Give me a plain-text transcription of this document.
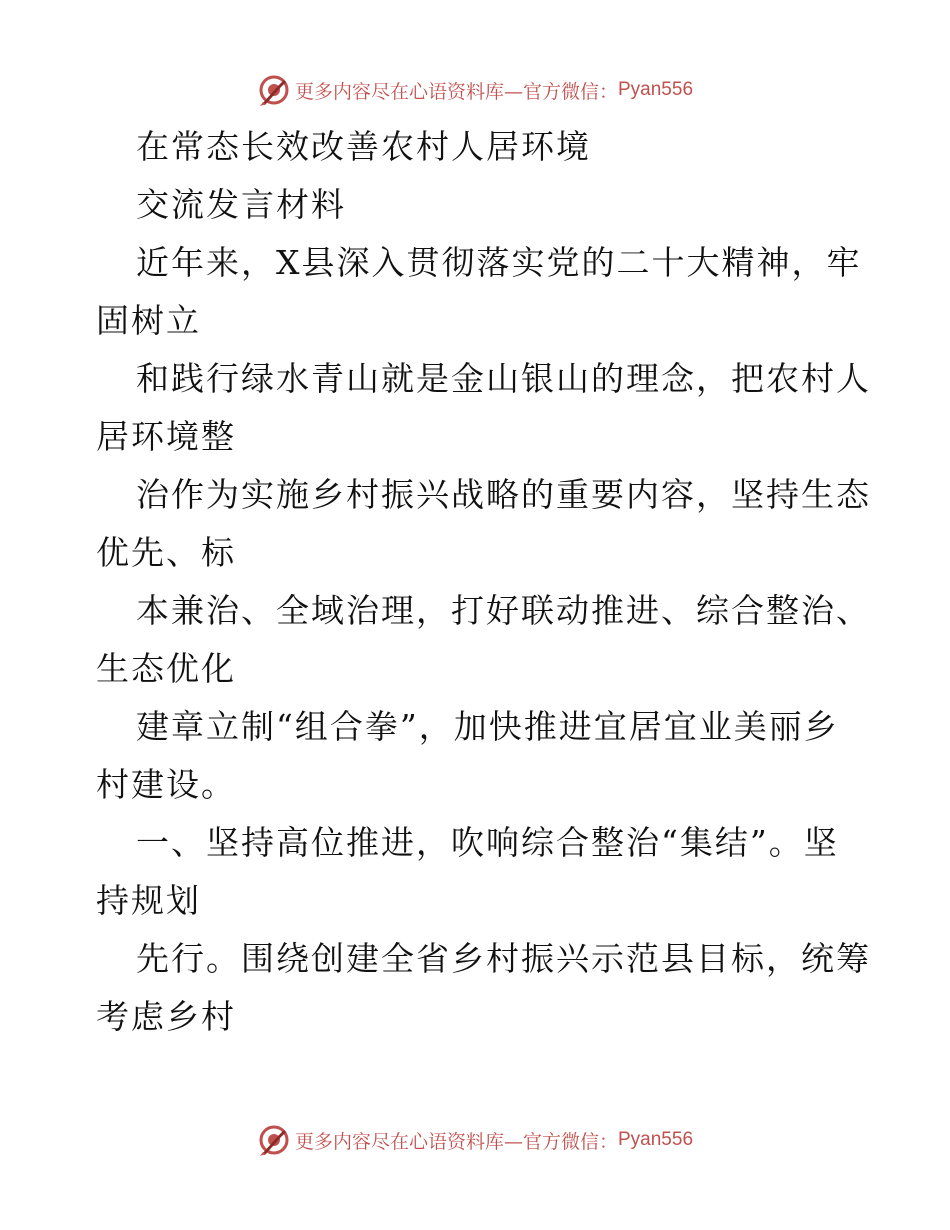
更多内容尽在心语资料库—官方微信： Pyan556
在常态长效改善农村人居环境
交流发言材料
近年来，X县深入贯彻落实党的二十大精神，牢
固树立
和践行绿水青山就是金山银山的理念，把农村人
居环境整
治作为实施乡村振兴战略的重要内容，坚持生态
优先、标
本兼治、全域治理，打好联动推进、综合整治、
生态优化
建章立制“组合拳”，加快推进宜居宜业美丽乡
村建设。
一、坚持高位推进，吹响综合整治“集结”。坚
持规划
先行。围绕创建全省乡村振兴示范县目标，统筹
考虑乡村
更多内容尽在心语资料库—官方微信： Pyan556
